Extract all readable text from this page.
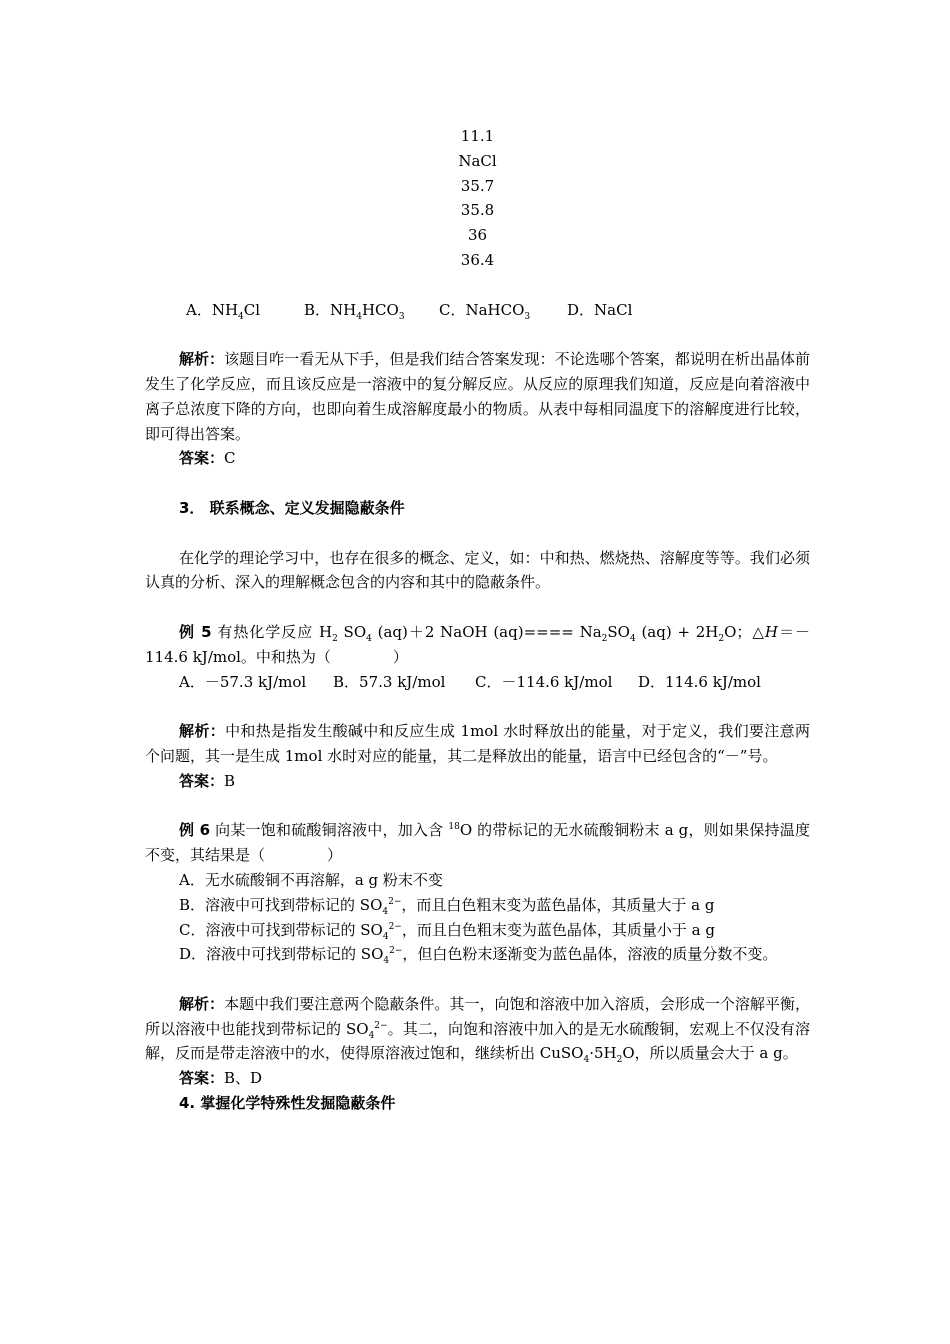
11.1
NaCl
35.7
35.8
36
36.4

A．$NH_4Cl$	B．$NH_4HCO_3$ C．NaHCO$_3$ D．NaCl

解析：该题目咋一看无从下手，但是我们结合答案发现：不论选哪个答案，都说明在析出晶体前发生了化学反应，而且该反应是一溶液中的复分解反应。从反应的原理我们知道，反应是向着溶液中离子总浓度下降的方向，也即向着生成溶解度最小的物质。从表中每相同温度下的溶解度进行比较，即可得出答案。

答案：C

3． 联系概念、定义发掘隐蔽条件

在化学的理论学习中，也存在很多的概念、定义，如：中和热、燃烧热、溶解度等等。我们必须认真的分析、深入的理解概念包含的内容和其中的隐蔽条件。

例 5 有热化学反应 $H_2$ $SO_4$ (aq)＋2 NaOH $(aq)==== Na_2SO_4$ $(aq) + 2H_2O$；△H＝－114.6 kJ/mol。中和热为（	）

A．－57.3 kJ/mol B．57.3 kJ/mol C．－114.6 kJ/mol D．114.6 kJ/mol

解析：中和热是指发生酸碱中和反应生成 1mol 水时释放出的能量，对于定义，我们要注意两个问题，其一是生成 1mol 水时对应的能量，其二是释放出的能量，语言中已经包含的“－”号。

答案：B

例 6 向某一饱和硫酸铜溶液中，加入含 $^{18}$O 的带标记的无水硫酸铜粉末 a g，则如果保持温度不变，其结果是（	）

A．无水硫酸铜不再溶解，a g 粉末不变

B．溶液中可找到带标记的 $SO_4^{2-}$，而且白色粗末变为蓝色晶体，其质量大于 a g

C．溶液中可找到带标记的 $SO_4^{2-}$，而且白色粗末变为蓝色晶体，其质量小于 a g

D．溶液中可找到带标记的 $SO_4^{2-}$，但白色粉末逐渐变为蓝色晶体，溶液的质量分数不变。

解析：本题中我们要注意两个隐蔽条件。其一，向饱和溶液中加入溶质，会形成一个溶解平衡，所以溶液中也能找到带标记的 $SO_4^{2-}$。其二，向饱和溶液中加入的是无水硫酸铜，宏观上不仅没有溶解，反而是带走溶液中的水，使得原溶液过饱和，继续析出 $CuSO_4\cdot 5H_2O$，所以质量会大于 a g。

答案：B、D

4. 掌握化学特殊性发掘隐蔽条件
